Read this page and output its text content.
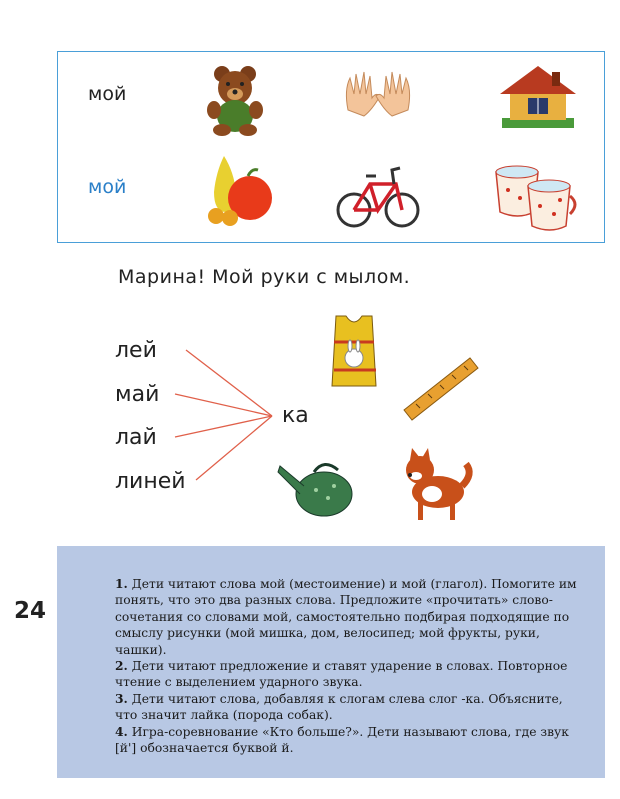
мой
мой
Марина! Мой руки с мылом.
лей
май
лай
линей
ка
24

1. Дети читают слова мой (местоимение) и мой (глагол). Помогите им понять, что это два разных слова. Предложите «прочитать» словосочетания со словами мой, самостоятельно подбирая подходящие по смыслу рисунки (мой мишка, дом, велосипед; мой фрукты, руки, чашки).

2. Дети читают предложение и ставят ударение в словах. Повторное чтение с выделением ударного звука.

3. Дети читают слова, добавляя к слогам слева слог -ка. Объясните, что значит лайка (порода собак).

4. Игра-соревнование «Кто больше?». Дети называют слова, где звук [й'] обозначается буквой й.
